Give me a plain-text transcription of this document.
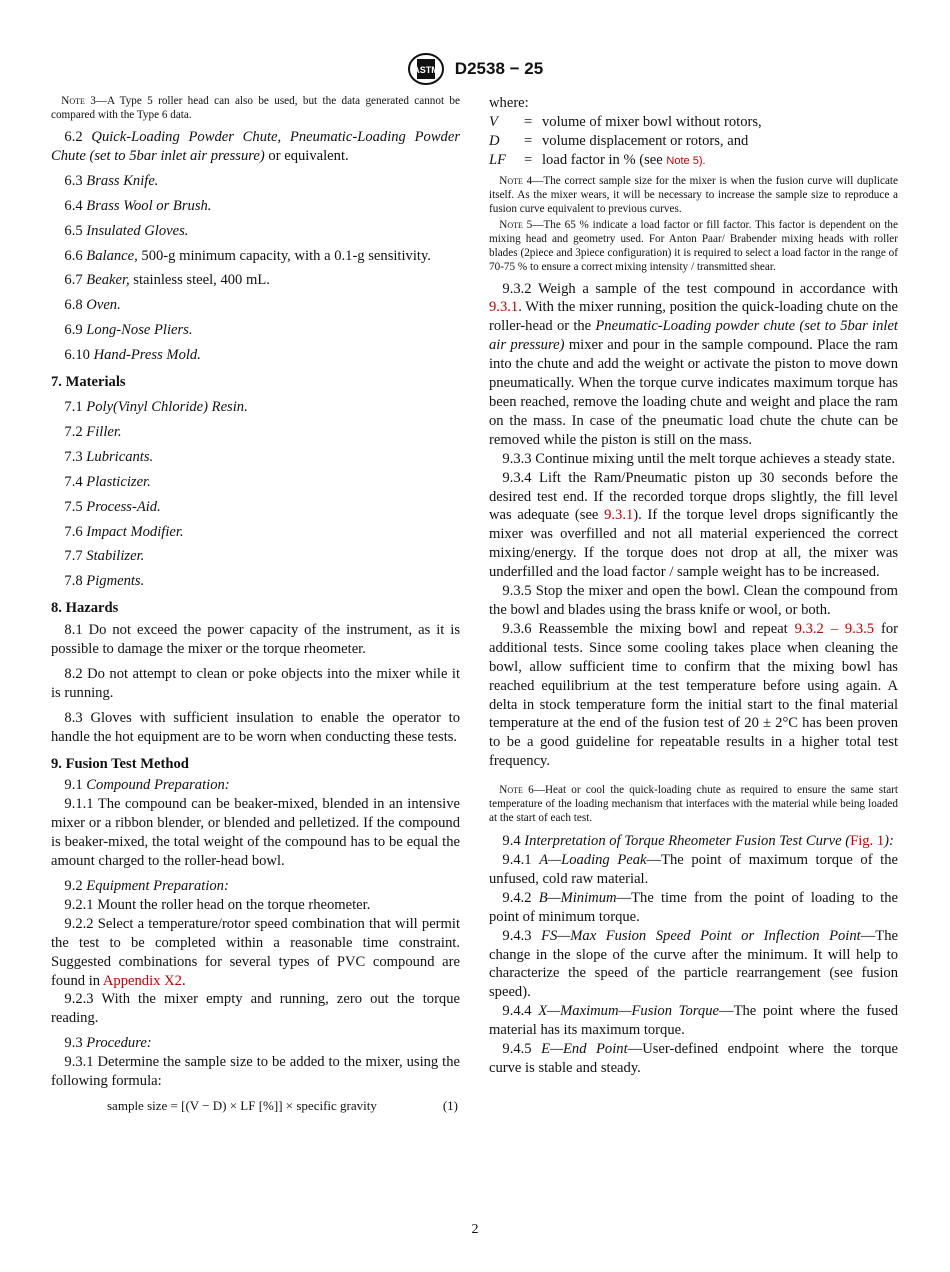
ASTM D2538 − 25

Note 3—A Type 5 roller head can also be used, but the data generated cannot be compared with the Type 6 data.

6.2 Quick-Loading Powder Chute, Pneumatic-Loading Powder Chute (set to 5bar inlet air pressure) or equivalent.

6.3 Brass Knife.

6.4 Brass Wool or Brush.

6.5 Insulated Gloves.

6.6 Balance, 500-g minimum capacity, with a 0.1-g sensitivity.

6.7 Beaker, stainless steel, 400 mL.

6.8 Oven.

6.9 Long-Nose Pliers.

6.10 Hand-Press Mold.

7. Materials

7.1 Poly(Vinyl Chloride) Resin.

7.2 Filler.

7.3 Lubricants.

7.4 Plasticizer.

7.5 Process-Aid.

7.6 Impact Modifier.

7.7 Stabilizer.

7.8 Pigments.

8. Hazards

8.1 Do not exceed the power capacity of the instrument, as it is possible to damage the mixer or the torque rheometer.

8.2 Do not attempt to clean or poke objects into the mixer while it is running.

8.3 Gloves with sufficient insulation to enable the operator to handle the hot equipment are to be worn when conducting these tests.

9. Fusion Test Method

9.1 Compound Preparation:

9.1.1 The compound can be beaker-mixed, blended in an intensive mixer or a ribbon blender, or blended and pelletized. If the compound is beaker-mixed, the total weight of the compound has to be equal the amount charged to the roller-head bowl.

9.2 Equipment Preparation:

9.2.1 Mount the roller head on the torque rheometer.

9.2.2 Select a temperature/rotor speed combination that will permit the test to be completed within a reasonable time constraint. Suggested combinations for several types of PVC compound are found in Appendix X2.

9.2.3 With the mixer empty and running, zero out the torque reading.

9.3 Procedure:

9.3.1 Determine the sample size to be added to the mixer, using the following formula:

sample size = [(V − D) × LF [%]] × specific gravity	(1)

where:

V = volume of mixer bowl without rotors,
D = volume displacement or rotors, and
LF = load factor in % (see Note 5).

Note 4—The correct sample size for the mixer is when the fusion curve will duplicate itself. As the mixer wears, it will be necessary to increase the sample size to reproduce a fusion curve equivalent to previous curves.

Note 5—The 65 % indicate a load factor or fill factor. This factor is dependent on the mixing head and geometry used. For Anton Paar/ Brabender mixing heads with roller blades (2piece and 3piece configuration) it is required to select a load factor in the range of 70-75 % to ensure a correct mixing intensity / transmitted shear.

9.3.2 Weigh a sample of the test compound in accordance with 9.3.1. With the mixer running, position the quick-loading chute on the roller-head or the Pneumatic-Loading powder chute (set to 5bar inlet air pressure) mixer and pour in the sample compound. Place the ram into the chute and add the weight or activate the piston to move down pneumatically. When the torque curve indicates maximum torque has been reached, remove the loading chute and weight and place the ram on the mass. In case of the pneumatic load chute the chute can be removed while the piston is still on the mass.

9.3.3 Continue mixing until the melt torque achieves a steady state.

9.3.4 Lift the Ram/Pneumatic piston up 30 seconds before the desired test end. If the recorded torque drops slightly, the fill level was adequate (see 9.3.1). If the torque level drops significantly the mixer was overfilled and not all material experienced the correct mixing/energy. If the torque does not drop at all, the mixer was underfilled and the load factor / sample weight has to be increased.

9.3.5 Stop the mixer and open the bowl. Clean the compound from the bowl and blades using the brass knife or wool, or both.

9.3.6 Reassemble the mixing bowl and repeat 9.3.2 – 9.3.5 for additional tests. Since some cooling takes place when cleaning the bowl, allow sufficient time to confirm that the mixing bowl has reached equilibrium at the test temperature before using again. A delta in stock temperature form the initial start to the final material temperature at the end of the fusion test of 20 ± 2°C has been proven to be a good guideline for repeatable results in a higher total test frequency.

Note 6—Heat or cool the quick-loading chute as required to ensure the same start temperature of the loading mechanism that interfaces with the material while being loaded at the start of each test.

9.4 Interpretation of Torque Rheometer Fusion Test Curve (Fig. 1):

9.4.1 A—Loading Peak—The point of maximum torque of the unfused, cold raw material.

9.4.2 B—Minimum—The time from the point of loading to the point of minimum torque.

9.4.3 FS—Max Fusion Speed Point or Inflection Point—The change in the slope of the curve after the minimum. It will help to characterize the speed of the particle rearrangement (see fusion speed).

9.4.4 X—Maximum—Fusion Torque—The point where the fused material has its maximum torque.

9.4.5 E—End Point—User-defined endpoint where the torque curve is stable and steady.

2
